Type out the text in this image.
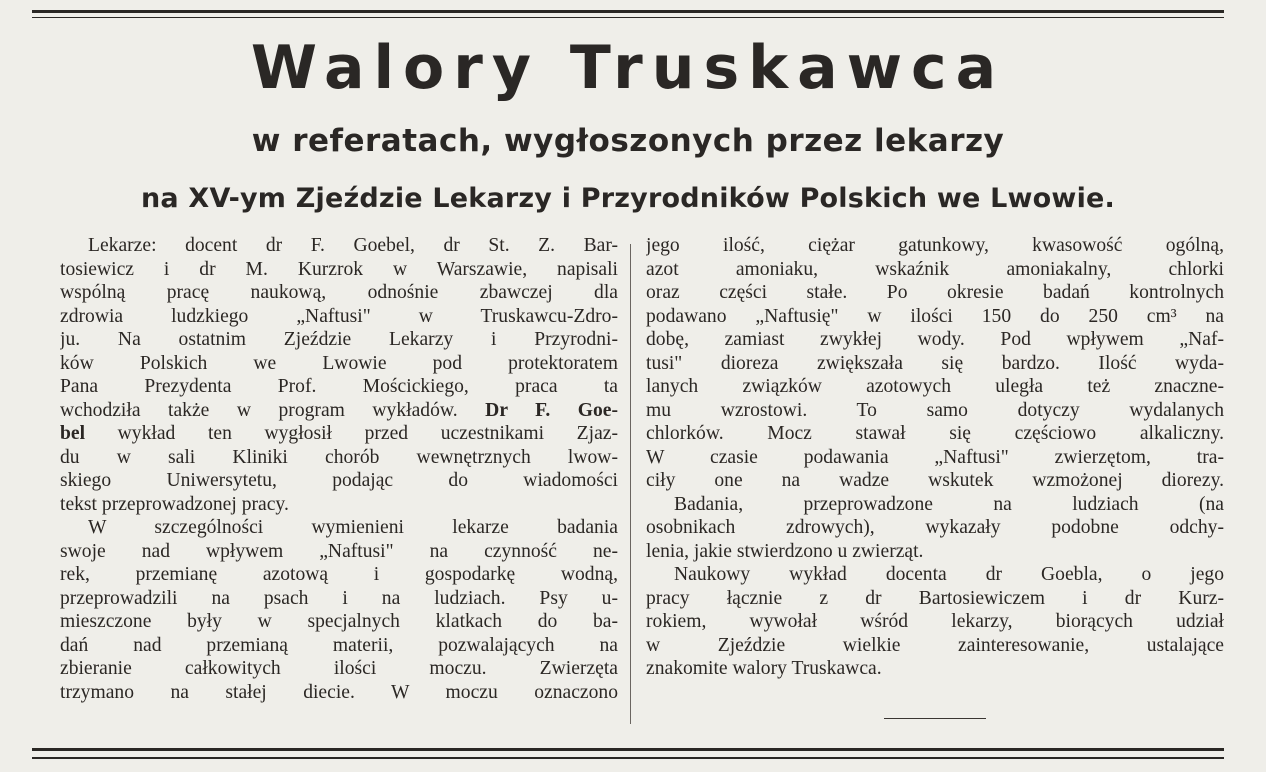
Walory Truskawca
w referatach, wygłoszonych przez lekarzy
na XV-ym Zjeździe Lekarzy i Przyrodników Polskich we Lwowie.
Lekarze: docent dr F. Goebel, dr St. Z. Bar-
tosiewicz i dr M. Kurzrok w Warszawie, napisali
wspólną pracę naukową, odnośnie zbawczej dla
zdrowia ludzkiego „Naftusi" w Truskawcu-Zdro-
ju. Na ostatnim Zjeździe Lekarzy i Przyrodni-
ków Polskich we Lwowie pod protektoratem
Pana Prezydenta Prof. Mościckiego, praca ta
wchodziła także w program wykładów. Dr F. Goe-
bel wykład ten wygłosił przed uczestnikami Zjaz-
du w sali Kliniki chorób wewnętrznych lwow-
skiego Uniwersytetu, podając do wiadomości
tekst przeprowadzonej pracy.
W szczególności wymienieni lekarze badania
swoje nad wpływem „Naftusi" na czynność ne-
rek, przemianę azotową i gospodarkę wodną,
przeprowadzili na psach i na ludziach. Psy u-
mieszczone były w specjalnych klatkach do ba-
dań nad przemianą materii, pozwalających na
zbieranie całkowitych ilości moczu. Zwierzęta
trzymano na stałej diecie. W moczu oznaczono
jego ilość, ciężar gatunkowy, kwasowość ogólną,
azot amoniaku, wskaźnik amoniakalny, chlorki
oraz części stałe. Po okresie badań kontrolnych
podawano „Naftusię" w ilości 150 do 250 cm³ na
dobę, zamiast zwykłej wody. Pod wpływem „Naf-
tusi" dioreza zwiększała się bardzo. Ilość wyda-
lanych związków azotowych uległa też znaczne-
mu wzrostowi. To samo dotyczy wydalanych
chlorków. Mocz stawał się częściowo alkaliczny.
W czasie podawania „Naftusi" zwierzętom, tra-
ciły one na wadze wskutek wzmożonej diorezy.
Badania, przeprowadzone na ludziach (na
osobnikach zdrowych), wykazały podobne odchy-
lenia, jakie stwierdzono u zwierząt.
Naukowy wykład docenta dr Goebla, o jego
pracy łącznie z dr Bartosiewiczem i dr Kurz-
rokiem, wywołał wśród lekarzy, biorących udział
w Zjeździe wielkie zainteresowanie, ustalające
znakomite walory Truskawca.
